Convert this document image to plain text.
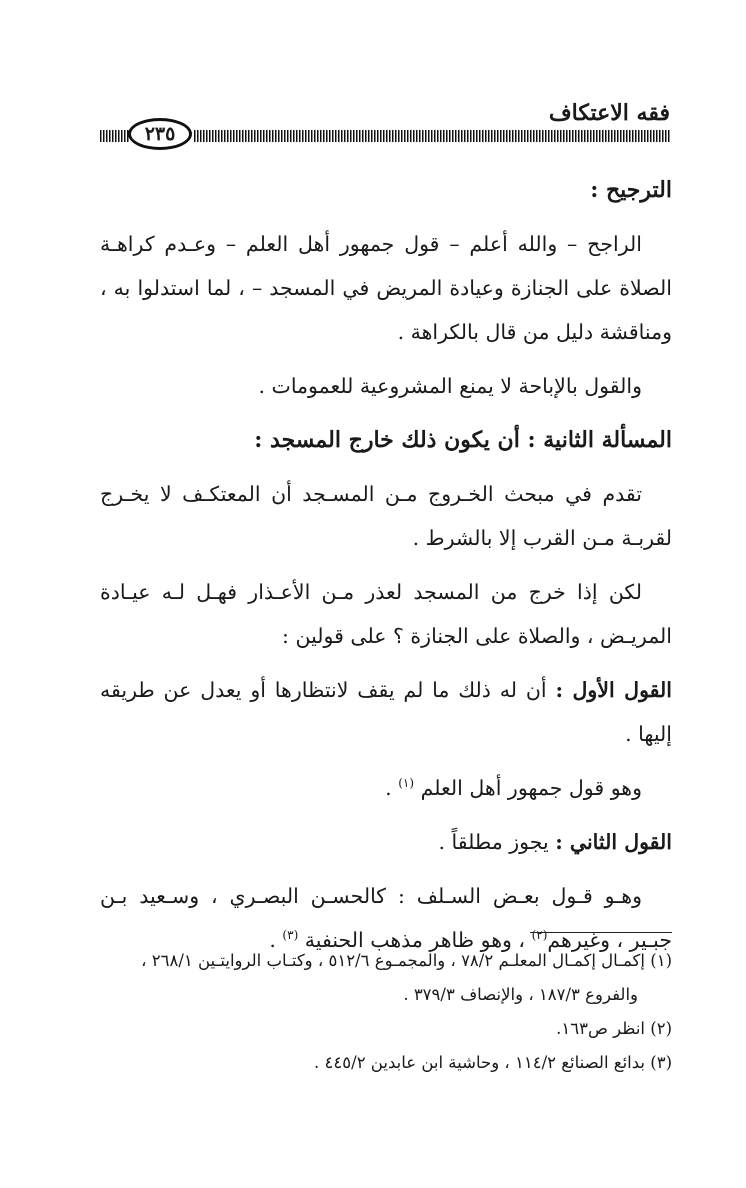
فقه الاعتكاف
٢٣٥

الترجيح :

الراجح – والله أعلم – قول جمهور أهل العلم – وعـدم كراهـة الصلاة على الجنازة وعيادة المريض في المسجد – ، لما استدلوا به ، ومناقشة دليل من قال بالكراهة .

والقول بالإباحة لا يمنع المشروعية للعمومات .

المسألة الثانية : أن يكون ذلك خارج المسجد :

تقدم في مبحث الخـروج مـن المسـجد أن المعتكـف لا يخـرج لقربـة مـن القرب إلا بالشرط .

لكن إذا خرج من المسجد لعذر مـن الأعـذار فهـل لـه عيـادة المريـض ، والصلاة على الجنازة ؟ على قولين :

القول الأول : أن له ذلك ما لم يقف لانتظارها أو يعدل عن طريقه إليها .

وهو قول جمهور أهل العلم $^{(١)}$ .

القول الثاني : يجوز مطلقاً .

وهـو قـول بعـض السـلف : كالحسـن البصـري ، وسـعيد بـن جبـير ، وغيرهم$^{(٢)}$ ، وهو ظاهر مذهب الحنفية $^{(٣)}$ .

(١) إكمـال إكمـال المعلـم ٧٨/٢ ، والمجمـوع ٥١٢/٦ ، وكتـاب الروايتـين ٢٦٨/١ ،
والفروع ١٨٧/٣ ، والإنصاف ٣٧٩/٣ .
(٢) انظر ص١٦٣.
(٣) بدائع الصنائع ١١٤/٢ ، وحاشية ابن عابدين ٤٤٥/٢ .
